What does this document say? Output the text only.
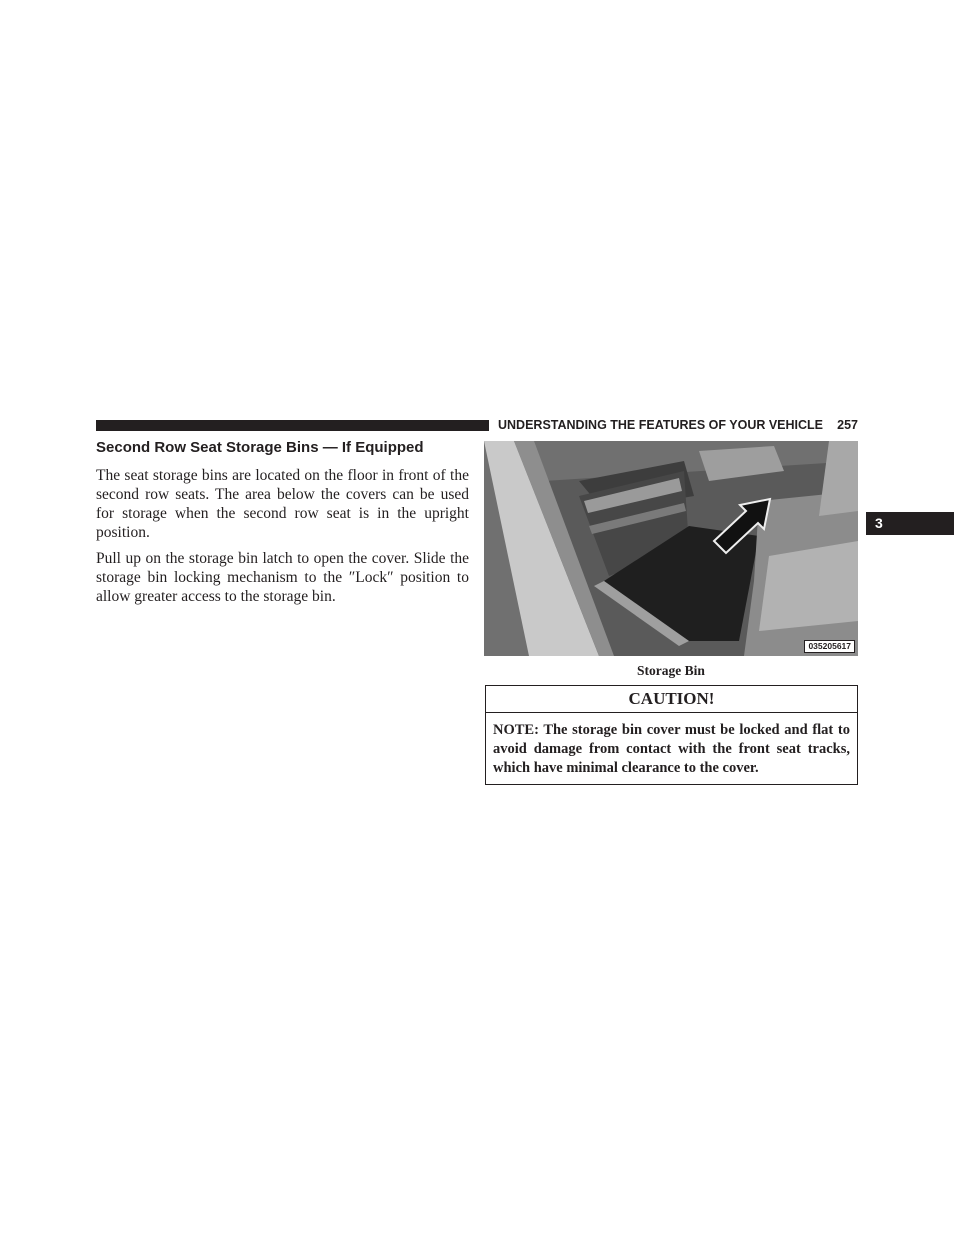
UNDERSTANDING THE FEATURES OF YOUR VEHICLE 257
3
Second Row Seat Storage Bins — If Equipped

The seat storage bins are located on the floor in front of the second row seats. The area below the covers can be used for storage when the second row seat is in the upright position.

Pull up on the storage bin latch to open the cover. Slide the storage bin locking mechanism to the ″Lock″ position to allow greater access to the storage bin.

035205617
Storage Bin
CAUTION!

NOTE: The storage bin cover must be locked and flat to avoid damage from contact with the front seat tracks, which have minimal clearance to the cover.
